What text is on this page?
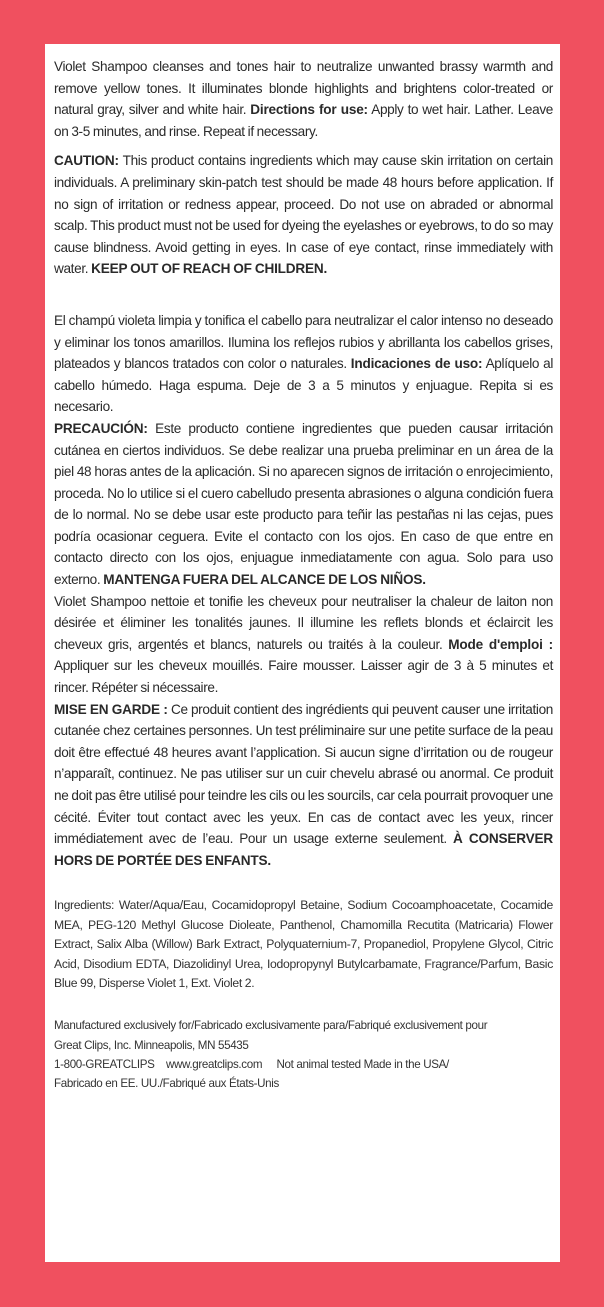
Violet Shampoo cleanses and tones hair to neutralize unwanted brassy warmth and remove yellow tones. It illuminates blonde highlights and brightens color-treated or natural gray, silver and white hair. Directions for use: Apply to wet hair. Lather. Leave on 3-5 minutes, and rinse. Repeat if necessary.

CAUTION: This product contains ingredients which may cause skin irritation on certain individuals. A preliminary skin-patch test should be made 48 hours before application. If no sign of irritation or redness appear, proceed. Do not use on abraded or abnormal scalp. This product must not be used for dyeing the eyelashes or eyebrows, to do so may cause blindness. Avoid getting in eyes. In case of eye contact, rinse immediately with water. KEEP OUT OF REACH OF CHILDREN.

El champú violeta limpia y tonifica el cabello para neutralizar el calor intenso no deseado y eliminar los tonos amarillos. Ilumina los reflejos rubios y abrillanta los cabellos grises, plateados y blancos tratados con color o naturales. Indicaciones de uso: Aplíquelo al cabello húmedo. Haga espuma. Deje de 3 a 5 minutos y enjuague. Repita si es necesario.

PRECAUCIÓN: Este producto contiene ingredientes que pueden causar irritación cutánea en ciertos individuos. Se debe realizar una prueba preliminar en un área de la piel 48 horas antes de la aplicación. Si no aparecen signos de irritación o enrojecimiento, proceda. No lo utilice si el cuero cabelludo presenta abrasiones o alguna condición fuera de lo normal. No se debe usar este producto para teñir las pestañas ni las cejas, pues podría ocasionar ceguera. Evite el contacto con los ojos. En caso de que entre en contacto directo con los ojos, enjuague inmediatamente con agua. Solo para uso externo. MANTENGA FUERA DEL ALCANCE DE LOS NIÑOS.

Violet Shampoo nettoie et tonifie les cheveux pour neutraliser la chaleur de laiton non désirée et éliminer les tonalités jaunes. Il illumine les reflets blonds et éclaircit les cheveux gris, argentés et blancs, naturels ou traités à la couleur. Mode d'emploi : Appliquer sur les cheveux mouillés. Faire mousser. Laisser agir de 3 à 5 minutes et rincer. Répéter si nécessaire.

MISE EN GARDE : Ce produit contient des ingrédients qui peuvent causer une irritation cutanée chez certaines personnes. Un test préliminaire sur une petite surface de la peau doit être effectué 48 heures avant l’application. Si aucun signe d’irritation ou de rougeur n’apparaît, continuez. Ne pas utiliser sur un cuir chevelu abrasé ou anormal. Ce produit ne doit pas être utilisé pour teindre les cils ou les sourcils, car cela pourrait provoquer une cécité. Éviter tout contact avec les yeux. En cas de contact avec les yeux, rincer immédiatement avec de l’eau. Pour un usage externe seulement. À CONSERVER HORS DE PORTÉE DES ENFANTS.

Ingredients: Water/Aqua/Eau, Cocamidopropyl Betaine, Sodium Cocoamphoacetate, Cocamide MEA, PEG-120 Methyl Glucose Dioleate, Panthenol, Chamomilla Recutita (Matricaria) Flower Extract, Salix Alba (Willow) Bark Extract, Polyquaternium-7, Propanediol, Propylene Glycol, Citric Acid, Disodium EDTA, Diazolidinyl Urea, Iodopropynyl Butylcarbamate, Fragrance/Parfum, Basic Blue 99, Disperse Violet 1, Ext. Violet 2.
Manufactured exclusively for/Fabricado exclusivamente para/Fabriqué exclusivement pour
Great Clips, Inc. Minneapolis, MN 55435
1-800-GREATCLIPS    www.greatclips.com     Not animal tested Made in the USA/
Fabricado en EE. UU./Fabriqué aux États-Unis
